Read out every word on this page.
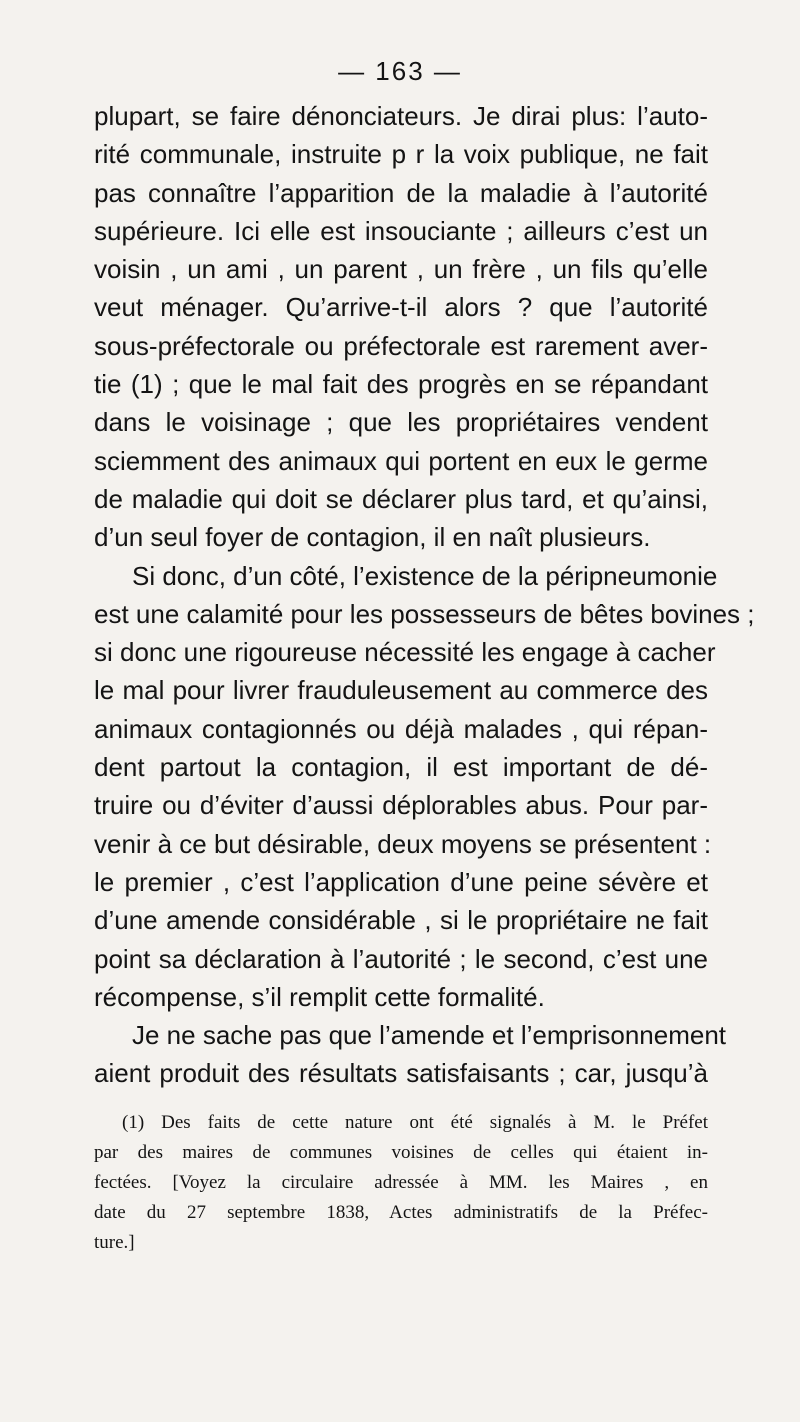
— 163 —
plupart, se faire dénonciateurs. Je dirai plus: l’auto-
rité communale, instruite p r la voix publique, ne fait
pas connaître l’apparition de la maladie à l’autorité
supérieure. Ici elle est insouciante ; ailleurs c’est un
voisin , un ami , un parent , un frère , un fils qu’elle
veut ménager. Qu’arrive-t-il alors ? que l’autorité
sous-préfectorale ou préfectorale est rarement aver-
tie (1) ; que le mal fait des progrès en se répandant
dans le voisinage ; que les propriétaires vendent
sciemment des animaux qui portent en eux le germe
de maladie qui doit se déclarer plus tard, et qu’ainsi,
d’un seul foyer de contagion, il en naît plusieurs.
Si donc, d’un côté, l’existence de la péripneumonie
est une calamité pour les possesseurs de bêtes bovines ;
si donc une rigoureuse nécessité les engage à cacher
le mal pour livrer frauduleusement au commerce des
animaux contagionnés ou déjà malades , qui répan-
dent partout la contagion, il est important de dé-
truire ou d’éviter d’aussi déplorables abus. Pour par-
venir à ce but désirable, deux moyens se présentent :
le premier , c’est l’application d’une peine sévère et
d’une amende considérable , si le propriétaire ne fait
point sa déclaration à l’autorité ; le second, c’est une
récompense, s’il remplit cette formalité.
Je ne sache pas que l’amende et l’emprisonnement
aient produit des résultats satisfaisants ; car, jusqu’à
(1) Des faits de cette nature ont été signalés à M. le Préfet
par des maires de communes voisines de celles qui étaient in-
fectées. [Voyez la circulaire adressée à MM. les Maires , en
date du 27 septembre 1838, Actes administratifs de la Préfec-
ture.]
